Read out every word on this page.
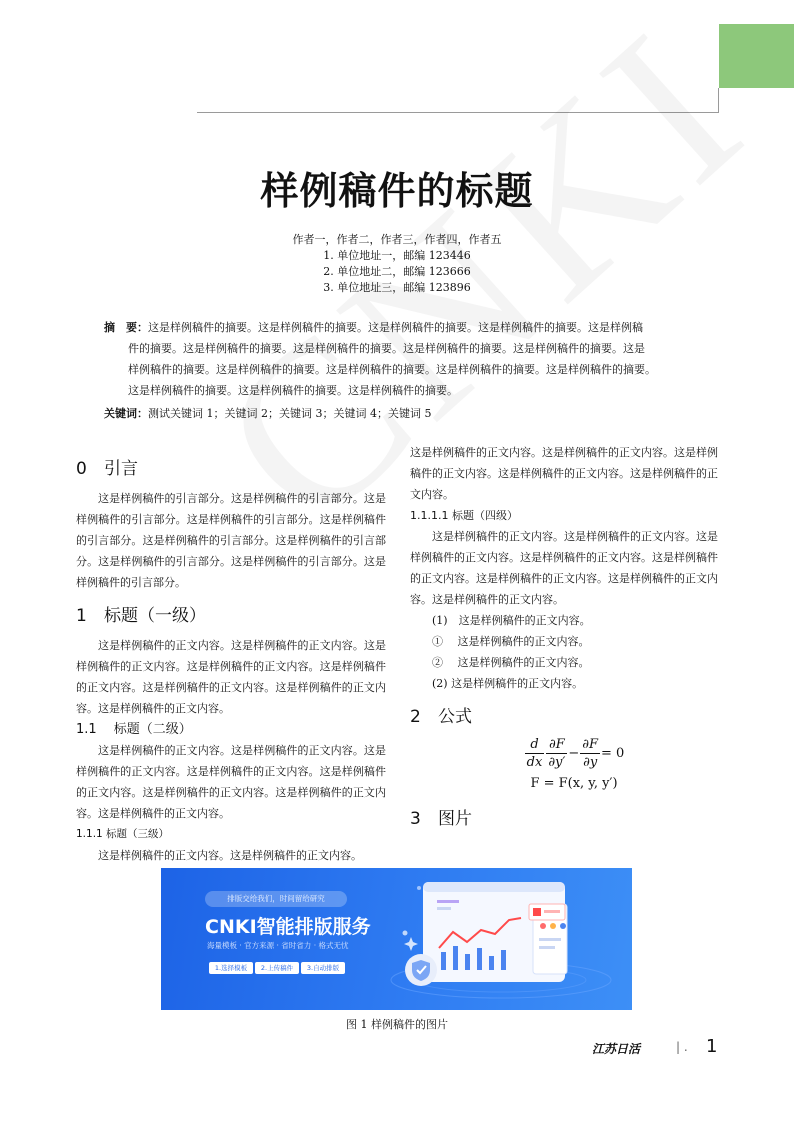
样例稿件的标题
作者一，作者二，作者三，作者四，作者五
1. 单位地址一，邮编 123446
2. 单位地址二，邮编 123666
3. 单位地址三，邮编 123896
摘　要：这是样例稿件的摘要。这是样例稿件的摘要。这是样例稿件的摘要。这是样例稿件的摘要。这是样例稿
件的摘要。这是样例稿件的摘要。这是样例稿件的摘要。这是样例稿件的摘要。这是样例稿件的摘要。这是
样例稿件的摘要。这是样例稿件的摘要。这是样例稿件的摘要。这是样例稿件的摘要。这是样例稿件的摘要。
这是样例稿件的摘要。这是样例稿件的摘要。这是样例稿件的摘要。
关键词：测试关键词 1；关键词 2；关键词 3；关键词 4；关键词 5
0 引言
这是样例稿件的引言部分。这是样例稿件的引言部分。这是样例稿件的引言部分。这是样例稿件的引言部分。这是样例稿件的引言部分。这是样例稿件的引言部分。这是样例稿件的引言部分。这是样例稿件的引言部分。这是样例稿件的引言部分。这是样例稿件的引言部分。
1 标题（一级）
这是样例稿件的正文内容。这是样例稿件的正文内容。这是样例稿件的正文内容。这是样例稿件的正文内容。这是样例稿件的正文内容。这是样例稿件的正文内容。这是样例稿件的正文内容。这是样例稿件的正文内容。
1.1　 标题（二级）
这是样例稿件的正文内容。这是样例稿件的正文内容。这是样例稿件的正文内容。这是样例稿件的正文内容。这是样例稿件的正文内容。这是样例稿件的正文内容。这是样例稿件的正文内容。这是样例稿件的正文内容。
1.1.1 标题（三级）
这是样例稿件的正文内容。这是样例稿件的正文内容。
这是样例稿件的正文内容。这是样例稿件的正文内容。这是样例稿件的正文内容。这是样例稿件的正文内容。这是样例稿件的正文内容。
1.1.1.1 标题（四级）
这是样例稿件的正文内容。这是样例稿件的正文内容。这是样例稿件的正文内容。这是样例稿件的正文内容。这是样例稿件的正文内容。这是样例稿件的正文内容。这是样例稿件的正文内容。这是样例稿件的正文内容。
(1)　这是样例稿件的正文内容。
①　 这是样例稿件的正文内容。
②　 这是样例稿件的正文内容。
(2) 这是样例稿件的正文内容。
2 公式
$\frac{d}{dx} \frac{\partial F}{\partial y'} - \frac{\partial F}{\partial y} = 0$
F = F(x, y, y′)
3 图片
排版交给我们，时间留给研究
CNKI智能排版服务
海量模板 · 官方来源 · 省时省力 · 格式无忧
1.选择模板	2.上传稿件	3.自动排版
图 1 样例稿件的图片
江苏日活	| . 1
